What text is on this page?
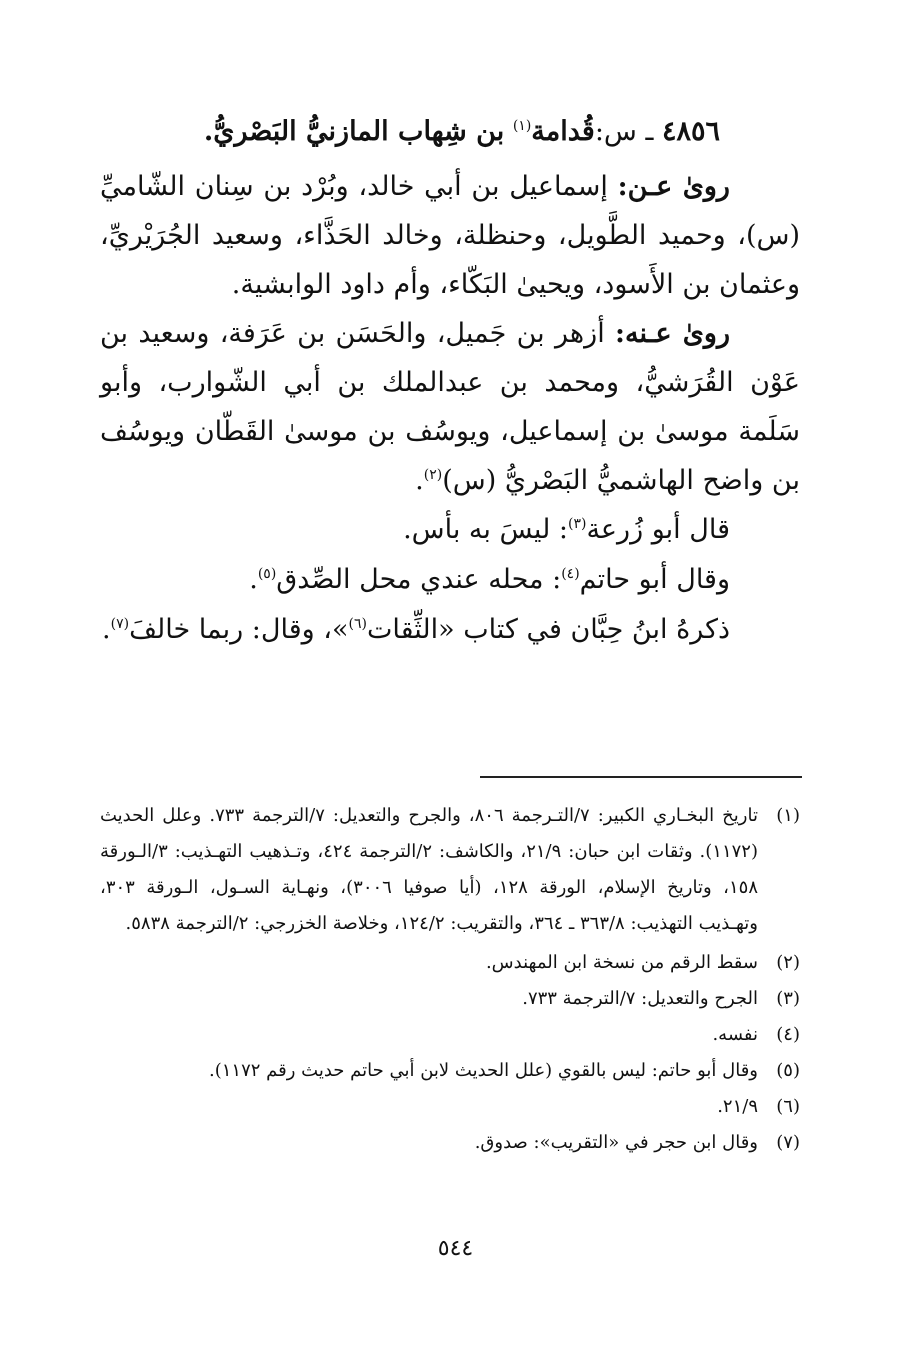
٤٨٥٦ ـ س:قُدامة$^{(١)}$ بن شِهاب المازنيُّ البَصْريُّ.

روىٰ عـن: إسماعيل بن أبي خالد، وبُرْد بن سِنان الشّاميِّ (س)، وحميد الطَّويل، وحنظلة، وخالد الحَذَّاء، وسعيد الجُرَيْريِّ، وعثمان بن الأَسود، ويحيىٰ البَكّاء، وأم داود الوابشية.

روىٰ عـنه: أزهر بن جَميل، والحَسَن بن عَرَفة، وسعيد بن عَوْن القُرَشيُّ، ومحمد بن عبدالملك بن أبي الشّوارب، وأبو سَلَمة موسىٰ بن إسماعيل، ويوسُف بن موسىٰ القَطّان ويوسُف بن واضح الهاشميُّ البَصْريُّ (س)$^{(٢)}$.

قال أبو زُرعة$^{(٣)}$: ليسَ به بأس.

وقال أبو حاتم$^{(٤)}$: محله عندي محل الصِّدق$^{(٥)}$.

ذكرهُ ابنُ حِبَّان في كتاب «الثِّقات$^{(٦)}$»، وقال: ربما خالفَ$^{(٧)}$.

(١)
تاريخ البخـاري الكبير: ٧/التـرجمة ٨٠٦، والجرح والتعديل: ٧/الترجمة ٧٣٣. وعلل الحديث (١١٧٢). وثقات ابن حبان: ٢١/٩، والكاشف: ٢/الترجمة ٤٢٤، وتـذهيب التهـذيب: ٣/الـورقة ١٥٨، وتاريخ الإسلام، الورقة ١٢٨، (أيا صوفيا ٣٠٠٦)، ونهـاية السـول، الـورقة ٣٠٣، وتهـذيب التهذيب: ٣٦٣/٨ ـ ٣٦٤، والتقريب: ١٢٤/٢، وخلاصة الخزرجي: ٢/الترجمة ٥٨٣٨.
(٢)
سقط الرقم من نسخة ابن المهندس.
(٣)
الجرح والتعديل: ٧/الترجمة ٧٣٣.
(٤)
نفسه.
(٥)
وقال أبو حاتم: ليس بالقوي (علل الحديث لابن أبي حاتم حديث رقم ١١٧٢).
(٦)
٢١/٩.
(٧)
وقال ابن حجر في «التقريب»: صدوق.
٥٤٤
